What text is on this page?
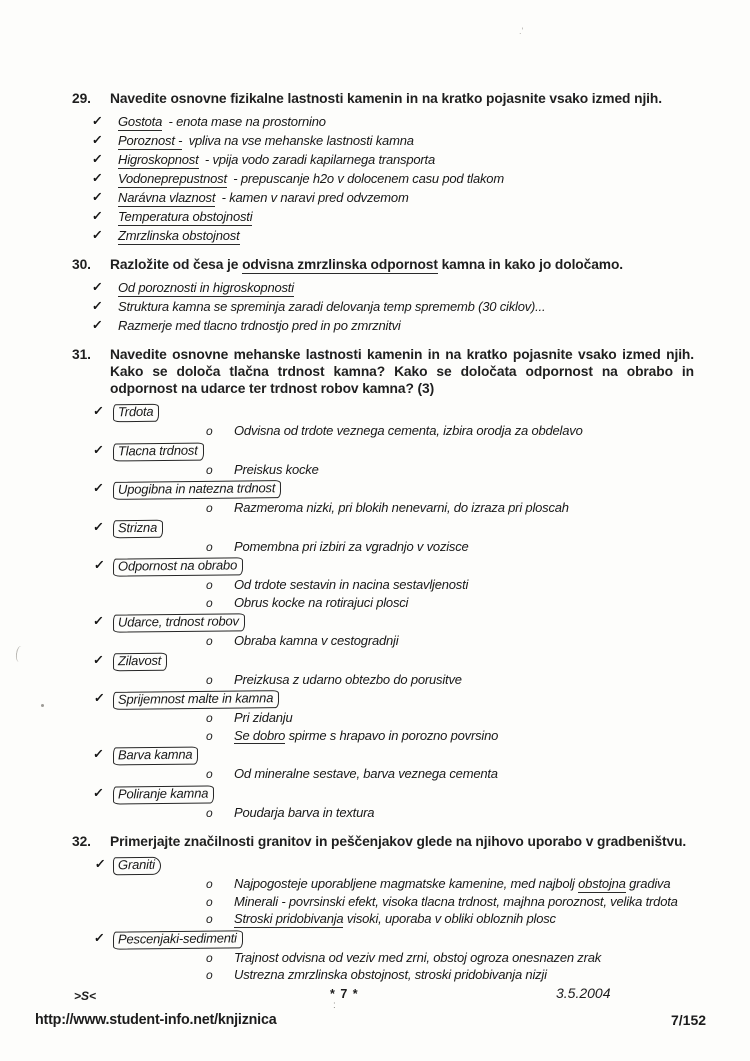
29.	Navedite osnovne fizikalne lastnosti kamenin in na kratko pojasnite vsako izmed njih.
✓	Gostota - enota mase na prostornino
✓	Poroznost - vpliva na vse mehanske lastnosti kamna
✓	Higroskopnost - vpija vodo zaradi kapilarnega transporta
✓	Vodoneprepustnost - prepuscanje h2o v dolocenem casu pod tlakom
✓	Narávna vlaznost - kamen v naravi pred odvzemom
✓	Temperatura obstojnosti
✓	Zmrzlinska obstojnost
30.	Razložite od česa je odvisna zmrzlinska odpornost kamna in kako jo določamo.
✓	Od poroznosti in higroskopnosti
✓	Struktura kamna se spreminja zaradi delovanja temp sprememb (30 ciklov)...
✓	Razmerje med tlacno trdnostjo pred in po zmrznitvi
31.	Navedite osnovne mehanske lastnosti kamenin in na kratko pojasnite vsako izmed njih. Kako se določa tlačna trdnost kamna? Kako se določata odpornost na obrabo in odpornost na udarce ter trdnost robov kamna? (3)
✓	Trdota
o	Odvisna od trdote veznega cementa, izbira orodja za obdelavo
✓	Tlacna trdnost
o	Preiskus kocke
✓	Upogibna in natezna trdnost
o	Razmeroma nizki, pri blokih nenevarni, do izraza pri ploscah
✓	Strizna
o	Pomembna pri izbiri za vgradnjo v vozisce
✓ Odpornost na obrabo
o	Od trdote sestavin in nacina sestavljenosti
o	Obrus kocke na rotirajuci plosci
✓	Udarce, trdnost robov
o	Obraba kamna v cestogradnji
✓	Zilavost
o	Preizkusa z udarno obtezbo do porusitve
✓ Sprijemnost malte in kamna
o	Pri zidanju
o	Se dobro spirme s hrapavo in porozno povrsino
✓	Barva kamna
o	Od mineralne sestave, barva veznega cementa
✓	Poliranje kamna
o	Poudarja barva in textura
32.	Primerjajte značilnosti granitov in peščenjakov glede na njihovo uporabo v gradbeništvu.
✓ Graniti
o	Najpogosteje uporabljene magmatske kamenine, med najbolj obstojna gradiva
o	Minerali - povrsinski efekt, visoka tlacna trdnost, majhna poroznost, velika trdota
o	Stroski pridobivanja visoki, uporaba v obliki obloznih plosc
✓ Pescenjaki-sedimenti
o	Trajnost odvisna od veziv med zrni, obstoj ogroza onesnazen zrak
o	Ustrezna zmrzlinska obstojnost, stroski pridobivanja nizji
>S<	* 7 *	3.5.2004
http://www.student-info.net/knjiznica	7/152
:
.'
